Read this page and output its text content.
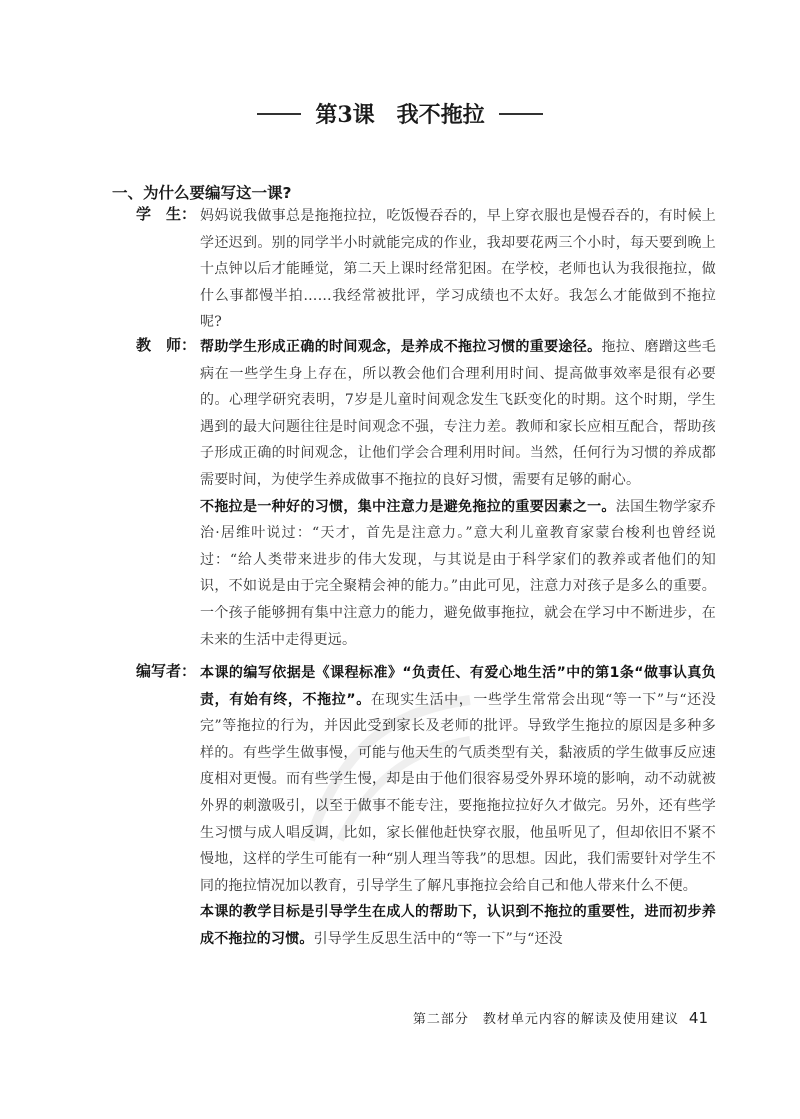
第3课 我不拖拉
一、为什么要编写这一课?
学　生： 妈妈说我做事总是拖拖拉拉，吃饭慢吞吞的，早上穿衣服也是慢吞吞的，有时候上学还迟到。别的同学半小时就能完成的作业，我却要花两三个小时，每天要到晚上十点钟以后才能睡觉，第二天上课时经常犯困。在学校，老师也认为我很拖拉，做什么事都慢半拍……我经常被批评，学习成绩也不太好。我怎么才能做到不拖拉呢?

教　师： 帮助学生形成正确的时间观念，是养成不拖拉习惯的重要途径。拖拉、磨蹭这些毛病在一些学生身上存在，所以教会他们合理利用时间、提高做事效率是很有必要的。心理学研究表明，7岁是儿童时间观念发生飞跃变化的时期。这个时期，学生遇到的最大问题往往是时间观念不强，专注力差。教师和家长应相互配合，帮助孩子形成正确的时间观念，让他们学会合理利用时间。当然，任何行为习惯的养成都需要时间，为使学生养成做事不拖拉的良好习惯，需要有足够的耐心。

不拖拉是一种好的习惯，集中注意力是避免拖拉的重要因素之一。法国生物学家乔治·居维叶说过：“天才，首先是注意力。”意大利儿童教育家蒙台梭利也曾经说过：“给人类带来进步的伟大发现，与其说是由于科学家们的教养或者他们的知识，不如说是由于完全聚精会神的能力。”由此可见，注意力对孩子是多么的重要。一个孩子能够拥有集中注意力的能力，避免做事拖拉，就会在学习中不断进步，在未来的生活中走得更远。

编写者： 本课的编写依据是《课程标准》“负责任、有爱心地生活”中的第1条“做事认真负责，有始有终，不拖拉”。在现实生活中，一些学生常常会出现“等一下”与“还没完”等拖拉的行为，并因此受到家长及老师的批评。导致学生拖拉的原因是多种多样的。有些学生做事慢，可能与他天生的气质类型有关，黏液质的学生做事反应速度相对更慢。而有些学生慢，却是由于他们很容易受外界环境的影响，动不动就被外界的刺激吸引，以至于做事不能专注，要拖拖拉拉好久才做完。另外，还有些学生习惯与成人唱反调，比如，家长催他赶快穿衣服，他虽听见了，但却依旧不紧不慢地，这样的学生可能有一种“别人理当等我”的思想。因此，我们需要针对学生不同的拖拉情况加以教育，引导学生了解凡事拖拉会给自己和他人带来什么不便。

本课的教学目标是引导学生在成人的帮助下，认识到不拖拉的重要性，进而初步养成不拖拉的习惯。引导学生反思生活中的“等一下”与“还没

第二部分　教材单元内容的解读及使用建议 41
